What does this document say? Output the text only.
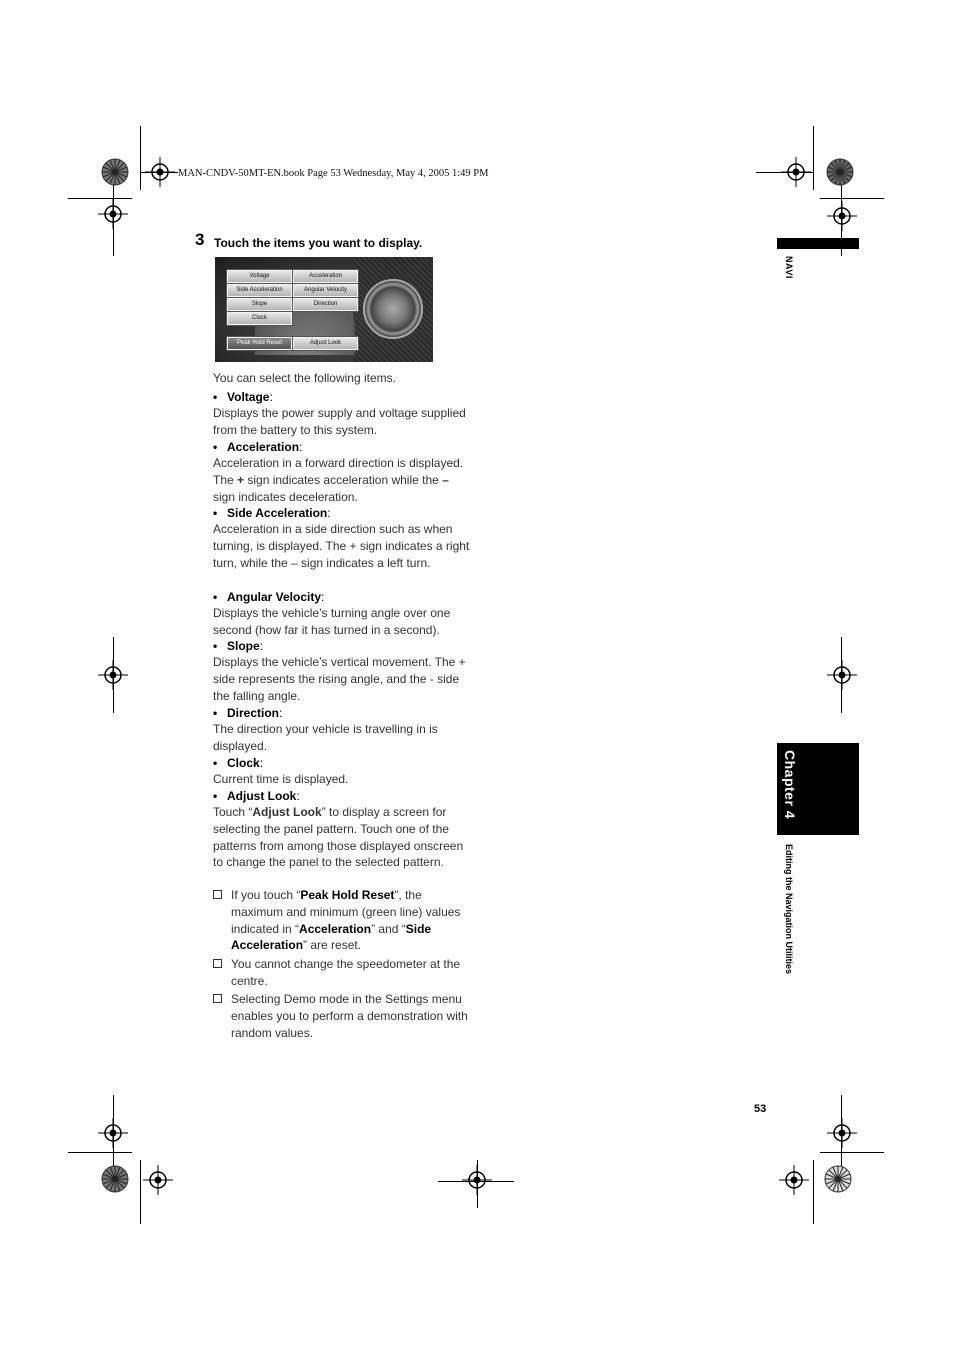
MAN-CNDV-50MT-EN.book Page 53 Wednesday, May 4, 2005 1:49 PM
3 Touch the items you want to display.
Voltage
Side Acceleration
Slope
Clock
Acceleration
Angular Velocity
Direction
Peak Hold Reset	Adjust Look
You can select the following items.
• Voltage:
Displays the power supply and voltage supplied from the battery to this system.
• Acceleration:
Acceleration in a forward direction is displayed. The + sign indicates acceleration while the – sign indicates deceleration.
• Side Acceleration:
Acceleration in a side direction such as when turning, is displayed. The + sign indicates a right turn, while the – sign indicates a left turn.
• Angular Velocity:
Displays the vehicle’s turning angle over one second (how far it has turned in a second).
• Slope:
Displays the vehicle’s vertical movement. The + side represents the rising angle, and the - side the falling angle.
• Direction:
The direction your vehicle is travelling in is displayed.
• Clock:
Current time is displayed.
• Adjust Look:
Touch “Adjust Look” to display a screen for selecting the panel pattern. Touch one of the patterns from among those displayed onscreen to change the panel to the selected pattern.
If you touch “Peak Hold Reset”, the maximum and minimum (green line) values indicated in “Acceleration” and “Side Acceleration” are reset.
You cannot change the speedometer at the centre.
Selecting Demo mode in the Settings menu enables you to perform a demonstration with random values.
NAVI
Chapter 4
Editing the Navigation Utilities
53
